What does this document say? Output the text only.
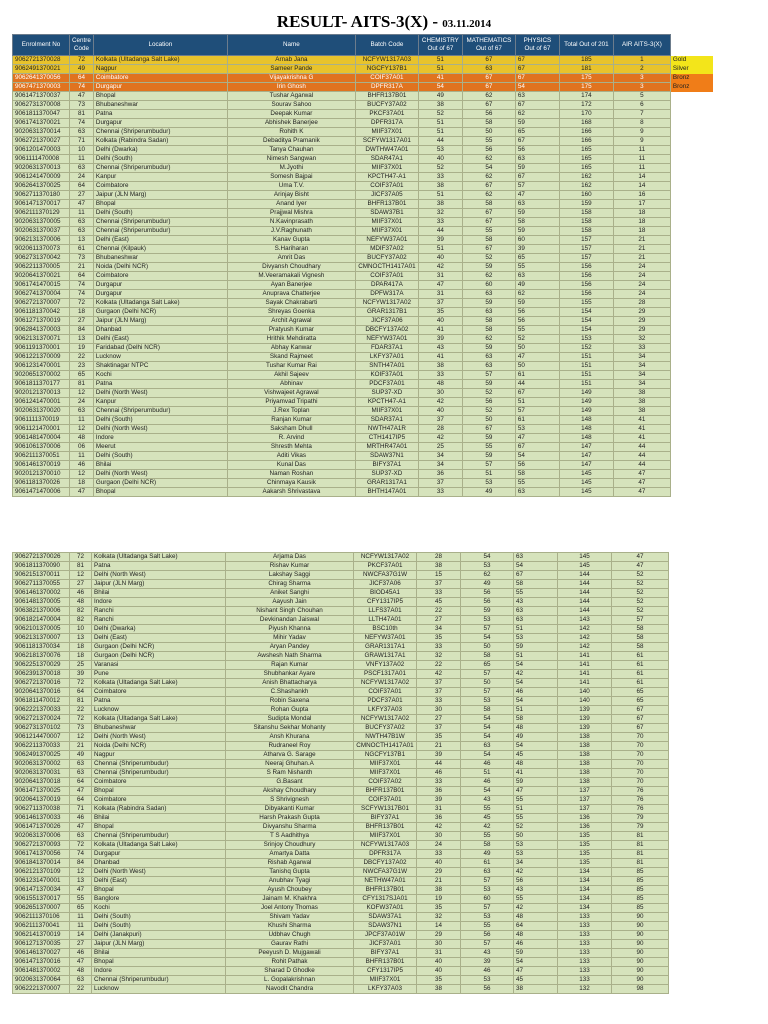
RESULT- AITS-3(X) - 03.11.2014
Enrolment No	Centre Code	Location	Name	Batch Code	CHEMISTRY Out of 67	MATHEMATICS Out of 67	PHYSICS Out of 67	Total Out of 201	AIR AITS-3(X)	
9062721370028	72	Kolkata (Ultadanga Salt Lake)	Arnab Jana	NCFYW1317A03	51	67	67	185	1	Gold
9062491370021	49	Nagpur	Sameer Pande	NGCFY137B1	51	63	67	181	2	Silver
9062641370056	64	Coimbatore	Vijayakrishna G	COIF37A01	41	67	67	175	3	Bronz
9067471370003	74	Durgapur	Irin Ghosh	DPFR317A	54	67	54	175	3	Bronz
9061471370037	47	Bhopal	Tushar Agarwal	BHFR137B01	49	62	63	174	5	
9062731370008	73	Bhubaneshwar	Sourav Sahoo	BUCFY37A02	38	67	67	172	6	
9061811370047	81	Patna	Deepak Kumar	PKCF37A01	52	56	62	170	7	
9061741370021	74	Durgapur	Abhishek Banerjee	DPFR317A	51	58	59	168	8	
9020631370014	63	Chennai (Shriperumbudur)	Rohith K	MIIF37X01	51	50	65	166	9	
9062721370027	71	Kolkata (Rabindra Sadan)	Debaditya Pramanik	SCFYW1317A01	44	55	67	166	9	
9061201470003	10	Delhi (Dwarka)	Tanya Chauhan	DWTHW47A01	53	56	56	165	11	
9061111470008	11	Delhi (South)	Nimesh Sangwan	SDAR47A1	40	62	63	165	11	
9020631370013	63	Chennai (Shriperumbudur)	M.Jyothi	MIIF37X01	52	54	59	165	11	
9061241470009	24	Kanpur	Somesh Bajpai	KPCTH47-A1	33	62	67	162	14	
9062641370025	64	Coimbatore	Uma T.V.	COIF37A01	38	67	57	162	14	
9062711370180	27	Jaipur (JLN Marg)	Arinjay Bisht	JICF37A05	51	62	47	160	16	
9061471370017	47	Bhopal	Anand Iyer	BHFR137B01	38	58	63	159	17	
9062111370129	11	Delhi (South)	Prajjwal Mishra	SDAW37B1	32	67	59	158	18	
9020631370005	63	Chennai (Shriperumbudur)	N.Kavinprasath	MIIF37X01	33	67	58	158	18	
9020631370037	63	Chennai (Shriperumbudur)	J.V.Raghunath	MIIF37X01	44	55	59	158	18	
9062131370006	13	Delhi (East)	Kanav Gupta	NEFYW37A01	39	58	60	157	21	
9020611370073	61	Chennai (Kilpauk)	S.Hariharan	MDIF37A02	51	67	39	157	21	
9062731370042	73	Bhubaneshwar	Amrit Das	BUCFY37A02	40	52	65	157	21	
9062211370005	21	Noida (Delhi NCR)	Divyansh Choudhary	CMNOCTH1417A01	42	59	55	156	24	
9020641370021	64	Coimbatore	M.Veeramakali Vignesh	COIF37A01	31	62	63	156	24	
9061741470015	74	Durgapur	Ayan Banerjee	DPAR417A	47	60	49	156	24	
9062741370004	74	Durgapur	Anupravа Chatterjee	DPFW317A	31	63	62	156	24	
9062721370007	72	Kolkata (Ultadanga Salt Lake)	Sayak Chakrabarti	NCFYW1317A02	37	59	59	155	28	
9061181370042	18	Gurgaon (Delhi NCR)	Shreyas Goenka	GRAR1317B1	35	63	56	154	29	
9061271370019	27	Jaipur (JLN Marg)	Archit Agrawal	JICF37A06	40	58	56	154	29	
9062841370003	84	Dhanbad	Pratyush Kumar	DBCFY137A02	41	58	55	154	29	
9062131370071	13	Delhi (East)	Hrithik Mehdiratta	NEFYW37A01	39	62	52	153	32	
9061191370001	19	Faridabad (Delhi NCR)	Abhay Kanwar	FDAR37A1	43	59	50	152	33	
9061221370009	22	Lucknow	Skand Rajmeet	LKFY37A01	41	63	47	151	34	
9061231470001	23	Shaktinagar NTPC	Tushar Kumar Rai	SNTH47A01	38	63	50	151	34	
9020651370002	65	Kochi	Akhil Sajeev	KOIF37A01	33	57	61	151	34	
9061811370177	81	Patna	Abhinav	PDCF37A01	48	59	44	151	34	
9020121370013	12	Delhi (North West)	Vishwajeet Agrawal	SUP37-XD	30	52	67	149	38	
9061241470001	24	Kanpur	Priyamvad Tripathi	KPCTH47-A1	42	56	51	149	38	
9020631370020	63	Chennai (Shriperumbudur)	J.Rex Toplan	MIIF37X01	40	52	57	149	38	
9061111370019	11	Delhi (South)	Ranjan Kumar	SDAR37A1	37	50	61	148	41	
9061121470001	12	Delhi (North West)	Saksham Dhull	NWTH47A1R	28	67	53	148	41	
9061481470004	48	Indore	R. Arvind	CTH1417IP5	42	59	47	148	41	
9061061370006	06	Meerut	Shresth Mehta	MRTHR47A01	25	55	67	147	44	
9062111370051	11	Delhi (South)	Aditi Vikas	SDAW37N1	34	59	54	147	44	
9061461370019	46	Bhilai	Kunal Das	BIFY37A1	34	57	56	147	44	
9020121370010	12	Delhi (North West)	Naman Roshan	SUP37-XD	36	51	58	145	47	
9061181370026	18	Gurgaon (Delhi NCR)	Chinmaya Kausik	GRAR1317A1	37	53	55	145	47	
9061471470006	47	Bhopal	Aakarsh Shrivastava	BHTH147A01	33	49	63	145	47	
9062721370026	72	Kolkata (Ultadanga Salt Lake)	Arjama Das	NCFYW1317A02	28	54	63	145	47
9061811370090	81	Patna	Rishav Kumar	PKCF37A01	38	53	54	145	47
9062151370011	12	Delhi (North West)	Lakshay Saggi	NWCFA37G1W	15	62	67	144	52
9062711370055	27	Jaipur (JLN Marg)	Chirag Sharma	JICF37A06	37	49	58	144	52
9061461370002	46	Bhilai	Aniket Sanghi	BIOD45A1	33	56	55	144	52
9061481370005	48	Indore	Aayush Jain	CFY1317IP5	45	56	43	144	52
9063821370006	82	Ranchi	Nishant Singh Chouhan	LLFS37A01	22	59	63	144	52
9061821470004	82	Ranchi	Devkinandan Jaiswal	LLTH47A01	27	53	63	143	57
9062101370005	10	Delhi (Dwarka)	Piyush Khanna	BSC10th	34	57	51	142	58
9062131370007	13	Delhi (East)	Mihir Yadav	NEFYW37A01	35	54	53	142	58
9061181370034	18	Gurgaon (Delhi NCR)	Aryan Pandey	GRAR1317A1	33	50	59	142	58
9062181370076	18	Gurgaon (Delhi NCR)	Awshesh Nath Sharma	GRAW1317A1	32	58	51	141	61
9062251370029	25	Varanasi	Rajan Kumar	VNFY137A02	22	65	54	141	61
9062391370018	39	Pune	Shubhankar Ayare	PSCF1317A01	42	57	42	141	61
9062721370016	72	Kolkata (Ultadanga Salt Lake)	Anish Bhattacharya	NCFYW1317A02	37	50	54	141	61
9020641370016	64	Coimbatore	C.Shashankh	COIF37A01	37	57	46	140	65
9061811470012	81	Patna	Robin Saxena	PDCF37A01	33	53	54	140	65
9062221370033	22	Lucknow	Rohan Gupta	LKFY37A03	30	58	51	139	67
9062721370024	72	Kolkata (Ultadanga Salt Lake)	Sudipta Mondal	NCFYW1317A02	27	54	58	139	67
9062731370102	73	Bhubaneshwar	Sitanshu Sekhar Mohanty	BUCFY37A02	37	54	48	139	67
9061214470007	12	Delhi (North West)	Ansh Khurana	NWTH47B1W	35	54	49	138	70
9062211370033	21	Noida (Delhi NCR)	Rudraneel Roy	CMNOCTH1417A01	21	63	54	138	70
9062491370025	49	Nagpur	Atharva G. Sarage	NGCFY137B1	39	54	45	138	70
9020631370002	63	Chennai (Shriperumbudur)	Neeraj Ghuhan.A	MIIF37X01	44	46	48	138	70
9020631370031	63	Chennai (Shriperumbudur)	S Ram Nishanth	MIIF37X01	46	51	41	138	70
9020641370018	64	Coimbatore	G.Basant	COIF37A02	33	46	59	138	70
9061471370025	47	Bhopal	Akshay Choudhary	BHFR137B01	36	54	47	137	76
9020641370019	64	Coimbatore	S Shrivignesh	COIF37A01	39	43	55	137	76
9062711370038	71	Kolkata (Rabindra Sadan)	Dibyakanti Kumar	SCFYW1317B01	31	55	51	137	76
9061461370033	46	Bhilai	Harsh Prakash Gupta	BIFY37A1	36	45	55	136	79
9061471370026	47	Bhopal	Divyanshu Sharma	BHFR137B01	42	42	52	136	79
9020631370006	63	Chennai (Shriperumbudur)	T S Aadhithya	MIIF37X01	30	55	50	135	81
9062721370093	72	Kolkata (Ultadanga Salt Lake)	Srinjoy Choudhury	NCFYW1317A03	24	58	53	135	81
9061741370056	74	Durgapur	Amartya Datta	DPFR317A	33	49	53	135	81
9061841370014	84	Dhanbad	Rishab Agarwal	DBCFY137A02	40	61	34	135	81
9062121370109	12	Delhi (North West)	Tanishq Gupta	NWCFA37G1W	29	63	42	134	85
9061231470001	13	Delhi (East)	Anubhav Tyagi	NETHW47A01	21	57	56	134	85
9061471370034	47	Bhopal	Ayush Choubey	BHFR137B01	38	53	43	134	85
9061551370017	55	Banglore	Jainam M. Khakhra	CFY1317SJA01	19	60	55	134	85
9062651370007	65	Kochi	Joel Antony Thomas	KOFW37A01	35	57	42	134	85
9062111370106	11	Delhi (South)	Shivam Yadav	SDAW37A1	32	53	48	133	90
9062111370041	11	Delhi (South)	Khushi Sharma	SDAW37N1	14	55	64	133	90
9062141370019	14	Delhi (Janakpuri)	Udbhav Chugh	JPCF37A01W	29	56	48	133	90
9061271370035	27	Jaipur (JLN Marg)	Gaurav Rathi	JICF37A01	30	57	46	133	90
9061461370027	46	Bhilai	Peeyush D. Mujgawali	BIFY37A1	31	43	59	133	90
9061471370016	47	Bhopal	Rohit Pathak	BHFR137B01	40	39	54	133	90
9061481370002	48	Indore	Sharad D Ghodke	CFY1317IP5	40	46	47	133	90
9020631370064	63	Chennai (Shriperumbudur)	L. Gopalakrishnan	MIIF37X01	35	53	45	133	90
9062221370007	22	Lucknow	Navodit Chandra	LKFY37A03	38	56	38	132	98
